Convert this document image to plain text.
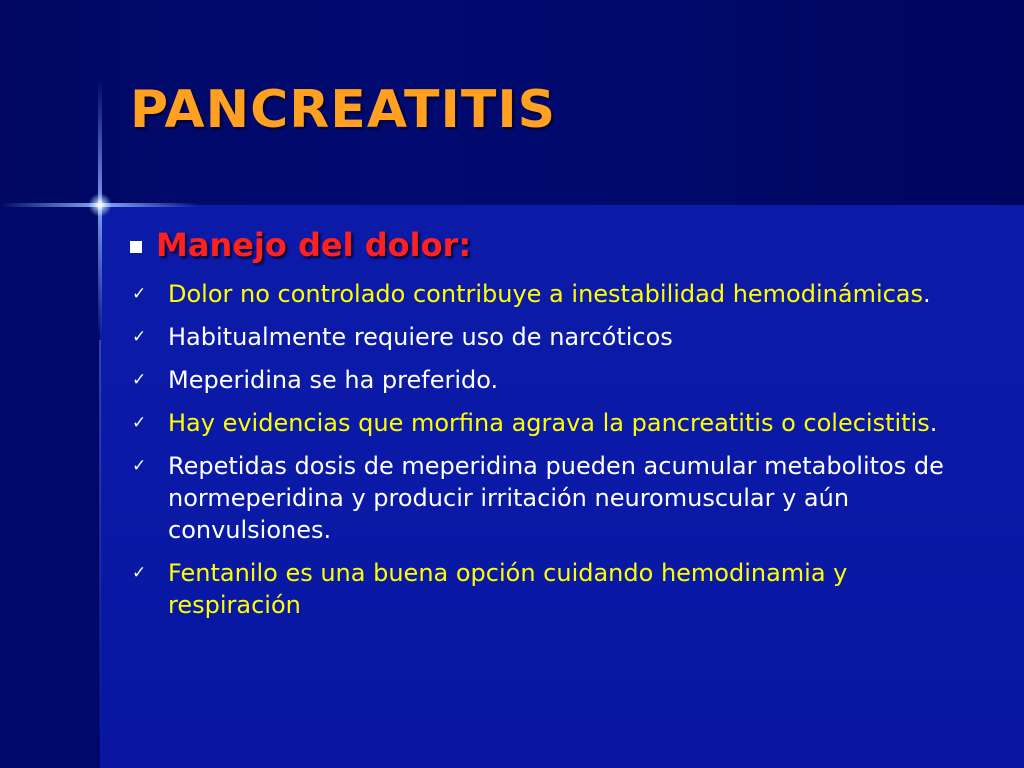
PANCREATITIS
Manejo del dolor:
✓ Dolor no controlado contribuye a inestabilidad hemodinámicas.
✓ Habitualmente requiere uso de narcóticos
✓ Meperidina se ha preferido.
✓ Hay evidencias que morfina agrava la pancreatitis o colecistitis.
✓ Repetidas dosis de meperidina pueden acumular metabolitos de normeperidina y producir irritación neuromuscular y aún convulsiones.
✓ Fentanilo es una buena opción cuidando hemodinamia y respiración
